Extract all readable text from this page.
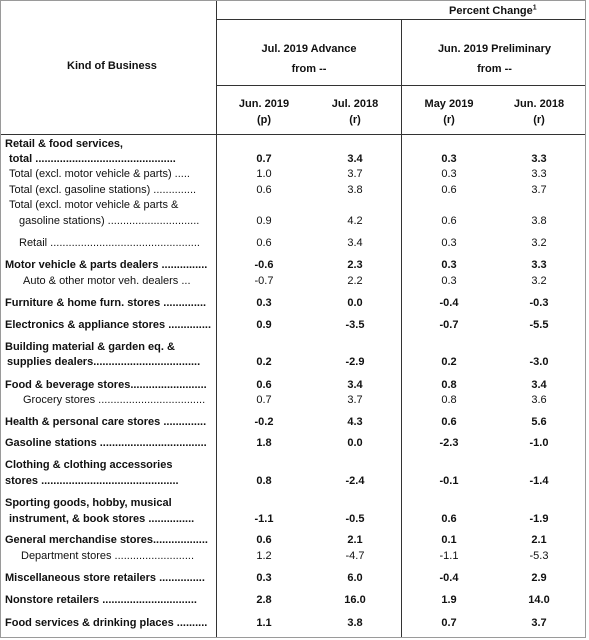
Percent Change$^1$
Kind of Business
Jul. 2019 Advance
from --
Jun. 2019 Preliminary
from --
Jun. 2019
(p)
Jul. 2018
(r)
May 2019
(r)
Jun. 2018
(r)
Retail & food services,
total ..............................................	0.7	3.4	0.3	3.3
Total (excl. motor vehicle & parts) .....	1.0	3.7	0.3	3.3
Total (excl. gasoline stations) ..............	0.6	3.8	0.6	3.7
Total (excl. motor vehicle & parts &
gasoline stations) ..............................	0.9	4.2	0.6	3.8
Retail .................................................	0.6	3.4	0.3	3.2
Motor vehicle & parts dealers ...............	-0.6	2.3	0.3	3.3
Auto & other motor veh. dealers ...	-0.7	2.2	0.3	3.2
Furniture & home furn. stores ..............	0.3	0.0	-0.4	-0.3
Electronics & appliance stores ..............	0.9	-3.5	-0.7	-5.5
Building material & garden eq. &
supplies dealers...................................	0.2	-2.9	0.2	-3.0
Food & beverage stores.........................	0.6	3.4	0.8	3.4
Grocery stores ...................................	0.7	3.7	0.8	3.6
Health & personal care stores ..............	-0.2	4.3	0.6	5.6
Gasoline stations ...................................	1.8	0.0	-2.3	-1.0
Clothing & clothing accessories
stores .............................................	0.8	-2.4	-0.1	-1.4
Sporting goods, hobby, musical
instrument, & book stores ...............	-1.1	-0.5	0.6	-1.9
General merchandise stores..................	0.6	2.1	0.1	2.1
Department stores ..........................	1.2	-4.7	-1.1	-5.3
Miscellaneous store retailers ...............	0.3	6.0	-0.4	2.9
Nonstore retailers ...............................	2.8	16.0	1.9	14.0
Food services & drinking places ..........	1.1	3.8	0.7	3.7
